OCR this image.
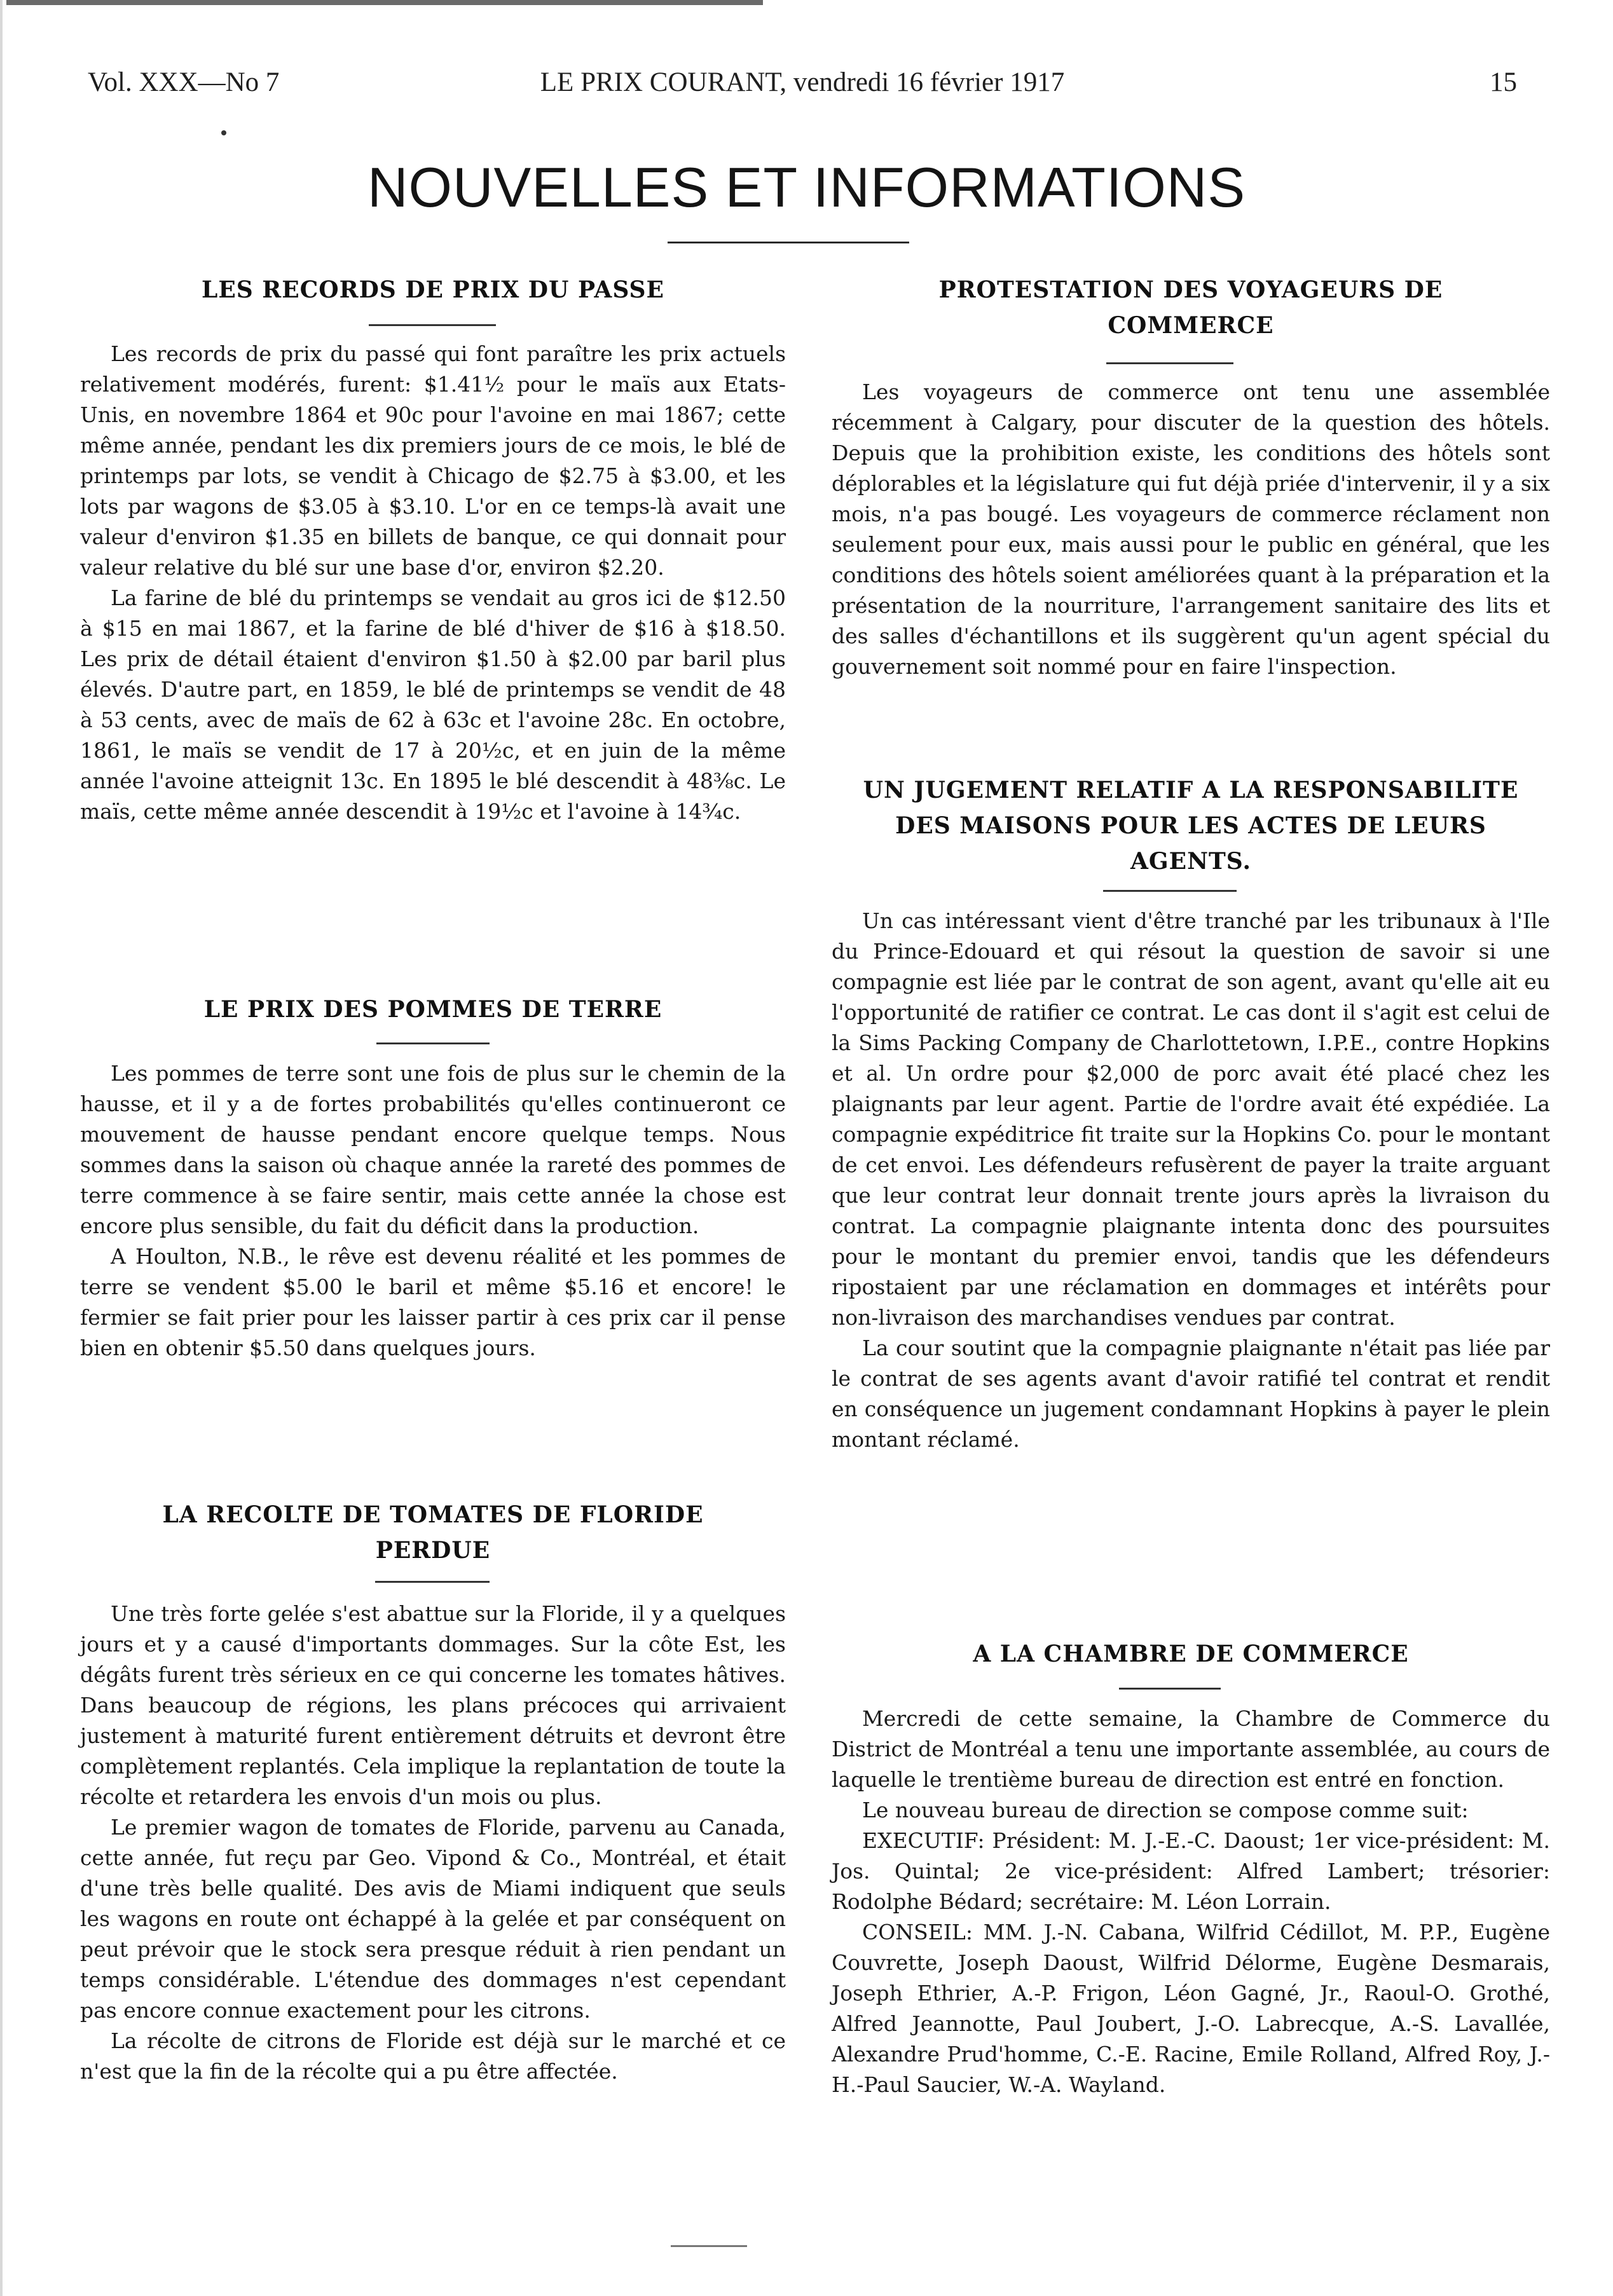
Vol. XXX—No 7	LE PRIX COURANT, vendredi 16 février 1917	15
NOUVELLES ET INFORMATIONS
LES RECORDS DE PRIX DU PASSE

Les records de prix du passé qui font paraître les prix actuels relativement modérés, furent: $1.41½ pour le maïs aux Etats-Unis, en novembre 1864 et 90c pour l'avoine en mai 1867; cette même année, pendant les dix premiers jours de ce mois, le blé de printemps par lots, se vendit à Chicago de $2.75 à $3.00, et les lots par wagons de $3.05 à $3.10. L'or en ce temps-là avait une valeur d'environ $1.35 en billets de banque, ce qui donnait pour valeur relative du blé sur une base d'or, environ $2.20.

La farine de blé du printemps se vendait au gros ici de $12.50 à $15 en mai 1867, et la farine de blé d'hiver de $16 à $18.50. Les prix de détail étaient d'environ $1.50 à $2.00 par baril plus élevés. D'autre part, en 1859, le blé de printemps se vendit de 48 à 53 cents, avec de maïs de 62 à 63c et l'avoine 28c. En octobre, 1861, le maïs se vendit de 17 à 20½c, et en juin de la même année l'avoine atteignit 13c. En 1895 le blé descendit à 48⅜c. Le maïs, cette même année descendit à 19½c et l'avoine à 14¾c.

LE PRIX DES POMMES DE TERRE

Les pommes de terre sont une fois de plus sur le chemin de la hausse, et il y a de fortes probabilités qu'elles continueront ce mouvement de hausse pendant encore quelque temps. Nous sommes dans la saison où chaque année la rareté des pommes de terre commence à se faire sentir, mais cette année la chose est encore plus sensible, du fait du déficit dans la production.

A Houlton, N.B., le rêve est devenu réalité et les pommes de terre se vendent $5.00 le baril et même $5.16 et encore! le fermier se fait prier pour les laisser partir à ces prix car il pense bien en obtenir $5.50 dans quelques jours.

LA RECOLTE DE TOMATES DE FLORIDE PERDUE

Une très forte gelée s'est abattue sur la Floride, il y a quelques jours et y a causé d'importants dommages. Sur la côte Est, les dégâts furent très sérieux en ce qui concerne les tomates hâtives. Dans beaucoup de régions, les plans précoces qui arrivaient justement à maturité furent entièrement détruits et devront être complètement replantés. Cela implique la replantation de toute la récolte et retardera les envois d'un mois ou plus.

Le premier wagon de tomates de Floride, parvenu au Canada, cette année, fut reçu par Geo. Vipond & Co., Montréal, et était d'une très belle qualité. Des avis de Miami indiquent que seuls les wagons en route ont échappé à la gelée et par conséquent on peut prévoir que le stock sera presque réduit à rien pendant un temps considérable. L'étendue des dommages n'est cependant pas encore connue exactement pour les citrons.

La récolte de citrons de Floride est déjà sur le marché et ce n'est que la fin de la récolte qui a pu être affectée.

PROTESTATION DES VOYAGEURS DE COMMERCE

Les voyageurs de commerce ont tenu une assemblée récemment à Calgary, pour discuter de la question des hôtels. Depuis que la prohibition existe, les conditions des hôtels sont déplorables et la législature qui fut déjà priée d'intervenir, il y a six mois, n'a pas bougé. Les voyageurs de commerce réclament non seulement pour eux, mais aussi pour le public en général, que les conditions des hôtels soient améliorées quant à la préparation et la présentation de la nourriture, l'arrangement sanitaire des lits et des salles d'échantillons et ils suggèrent qu'un agent spécial du gouvernement soit nommé pour en faire l'inspection.

UN JUGEMENT RELATIF A LA RESPONSABILITE DES MAISONS POUR LES ACTES DE LEURS AGENTS.

Un cas intéressant vient d'être tranché par les tribunaux à l'Ile du Prince-Edouard et qui résout la question de savoir si une compagnie est liée par le contrat de son agent, avant qu'elle ait eu l'opportunité de ratifier ce contrat. Le cas dont il s'agit est celui de la Sims Packing Company de Charlottetown, I.P.E., contre Hopkins et al. Un ordre pour $2,000 de porc avait été placé chez les plaignants par leur agent. Partie de l'ordre avait été expédiée. La compagnie expéditrice fit traite sur la Hopkins Co. pour le montant de cet envoi. Les défendeurs refusèrent de payer la traite arguant que leur contrat leur donnait trente jours après la livraison du contrat. La compagnie plaignante intenta donc des poursuites pour le montant du premier envoi, tandis que les défendeurs ripostaient par une réclamation en dommages et intérêts pour non-livraison des marchandises vendues par contrat.

La cour soutint que la compagnie plaignante n'était pas liée par le contrat de ses agents avant d'avoir ratifié tel contrat et rendit en conséquence un jugement condamnant Hopkins à payer le plein montant réclamé.

A LA CHAMBRE DE COMMERCE

Mercredi de cette semaine, la Chambre de Commerce du District de Montréal a tenu une importante assemblée, au cours de laquelle le trentième bureau de direction est entré en fonction.

Le nouveau bureau de direction se compose comme suit:

EXECUTIF: Président: M. J.-E.-C. Daoust; 1er vice-président: M. Jos. Quintal; 2e vice-président: Alfred Lambert; trésorier: Rodolphe Bédard; secrétaire: M. Léon Lorrain.

CONSEIL: MM. J.-N. Cabana, Wilfrid Cédillot, M. P.P., Eugène Couvrette, Joseph Daoust, Wilfrid Délorme, Eugène Desmarais, Joseph Ethrier, A.-P. Frigon, Léon Gagné, Jr., Raoul-O. Grothé, Alfred Jeannotte, Paul Joubert, J.-O. Labrecque, A.-S. Lavallée, Alexandre Prud'homme, C.-E. Racine, Emile Rolland, Alfred Roy, J.-H.-Paul Saucier, W.-A. Wayland.
